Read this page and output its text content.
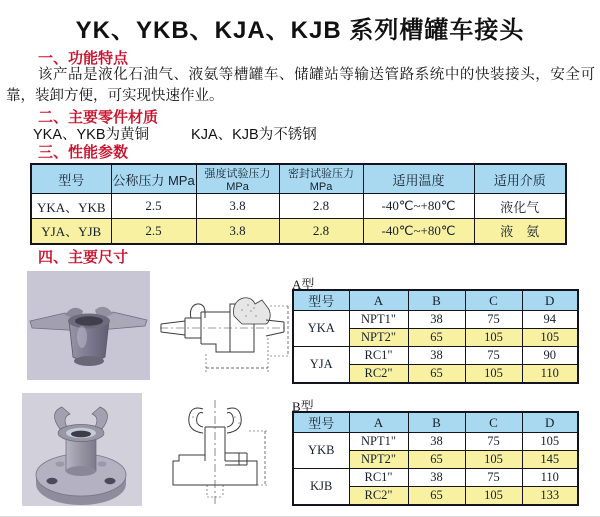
YK、YKB、KJA、KJB 系列槽罐车接头
一、功能特点
该产品是液化石油气、液氨等槽罐车、储罐站等输送管路系统中的快装接头，安全可靠，装卸方便，可实现快速作业。
二、主要零件材质
YKA、YKB为黄铜	KJA、KJB为不锈钢
三、性能参数
型号	公称压力 MPa	强度试验压力MPa	密封试验压力MPa	适用温度	适用介质
YKA、YKB	2.5	3.8	2.8	-40℃~+80℃	液化气
YJA、YJB	2.5	3.8	2.8	-40℃~+80℃	液　氨
四、主要尺寸
A型
型号	A	B	C	D
YKA	NPT1"	38	75	94
	NPT2"	65	105	105
YJA	RC1"	38	75	90
	RC2"	65	105	110
B型
型号	A	B	C	D
YKB	NPT1"	38	75	105
	NPT2"	65	105	145
KJB	RC1"	38	75	110
	RC2"	65	105	133
